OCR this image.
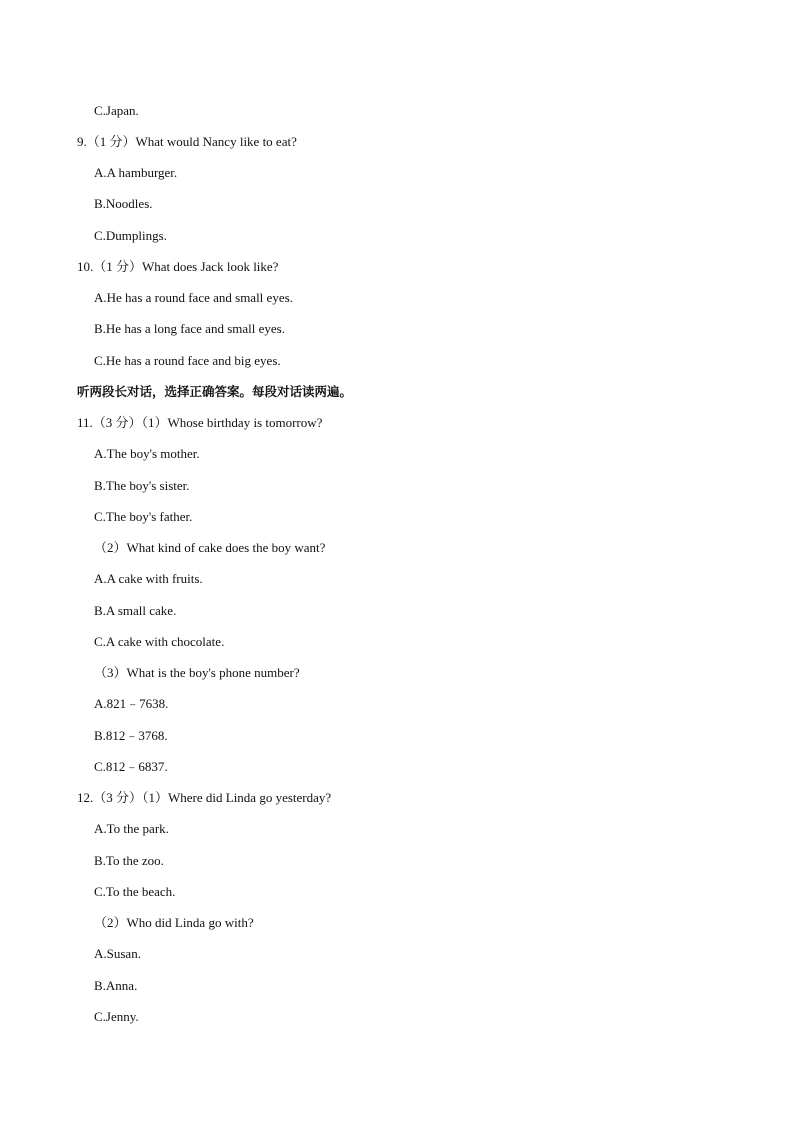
C.Japan.
9.（1 分）What would Nancy like to eat?
A.A hamburger.
B.Noodles.
C.Dumplings.
10.（1 分）What does Jack look like?
A.He has a round face and small eyes.
B.He has a long face and small eyes.
C.He has a round face and big eyes.
听两段长对话，选择正确答案。每段对话读两遍。
11.（3 分）（1）Whose birthday is tomorrow?
A.The boy's mother.
B.The boy's sister.
C.The boy's father.
（2）What kind of cake does the boy want?
A.A cake with fruits.
B.A small cake.
C.A cake with chocolate.
（3）What is the boy's phone number?
A.821﹣7638.
B.812﹣3768.
C.812﹣6837.
12.（3 分）（1）Where did Linda go yesterday?
A.To the park.
B.To the zoo.
C.To the beach.
（2）Who did Linda go with?
A.Susan.
B.Anna.
C.Jenny.
